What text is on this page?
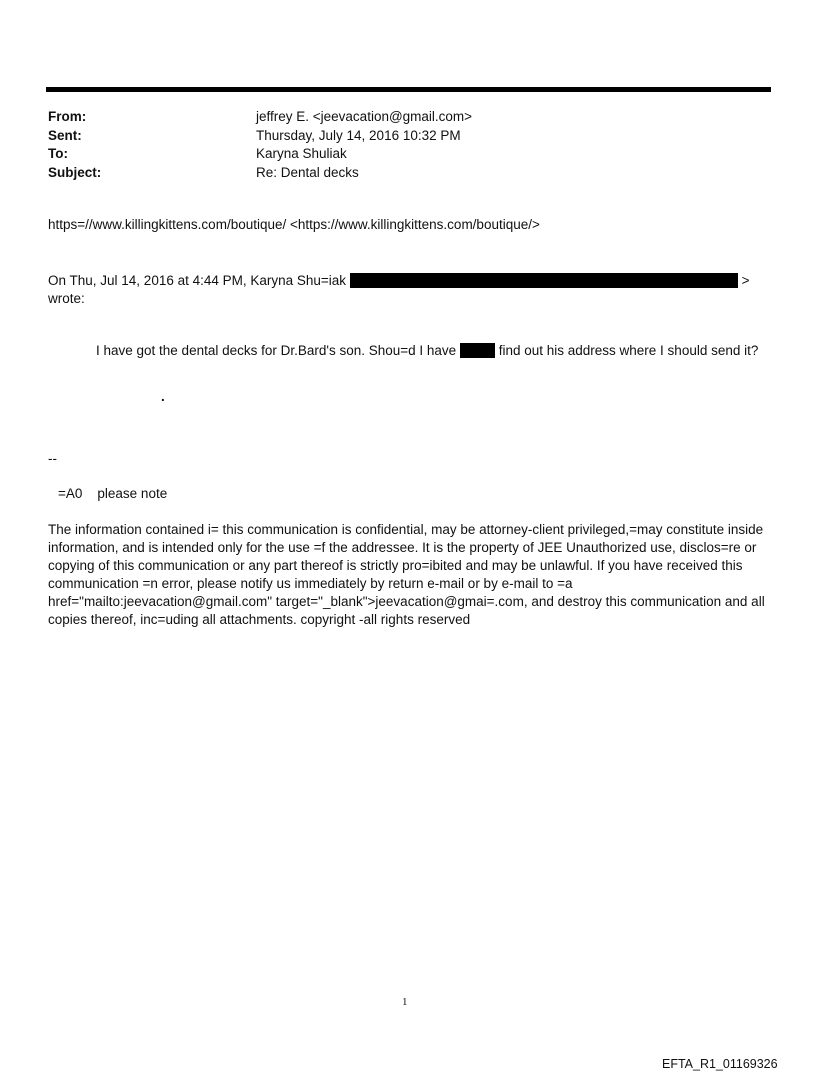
From:	jeffrey E. <jeevacation@gmail.com>
Sent:	Thursday, July 14, 2016 10:32 PM
To:	Karyna Shuliak
Subject:	Re: Dental decks
https=//www.killingkittens.com/boutique/ <https://www.killingkittens.com/boutique/>
On Thu, Jul 14, 2016 at 4:44 PM, Karyna Shu=iak	>
wrote:
I have got the dental decks for Dr.Bard's son. Shou=d I have	find out his address where I should send it?
.
--
=A0    please note
The information contained i= this communication is confidential, may be attorney-client privileged,=may constitute inside information, and is intended only for the use =f the addressee. It is the property of JEE Unauthorized use, disclos=re or copying of this communication or any part thereof is strictly pro=ibited and may be unlawful. If you have received this communication =n error, please notify us immediately by return e-mail or by e-mail to =a href="mailto:jeevacation@gmail.com" target="_blank">jeevacation@gmai=.com, and destroy this communication and all copies thereof, inc=uding all attachments. copyright -all rights reserved
1
EFTA_R1_01169326
